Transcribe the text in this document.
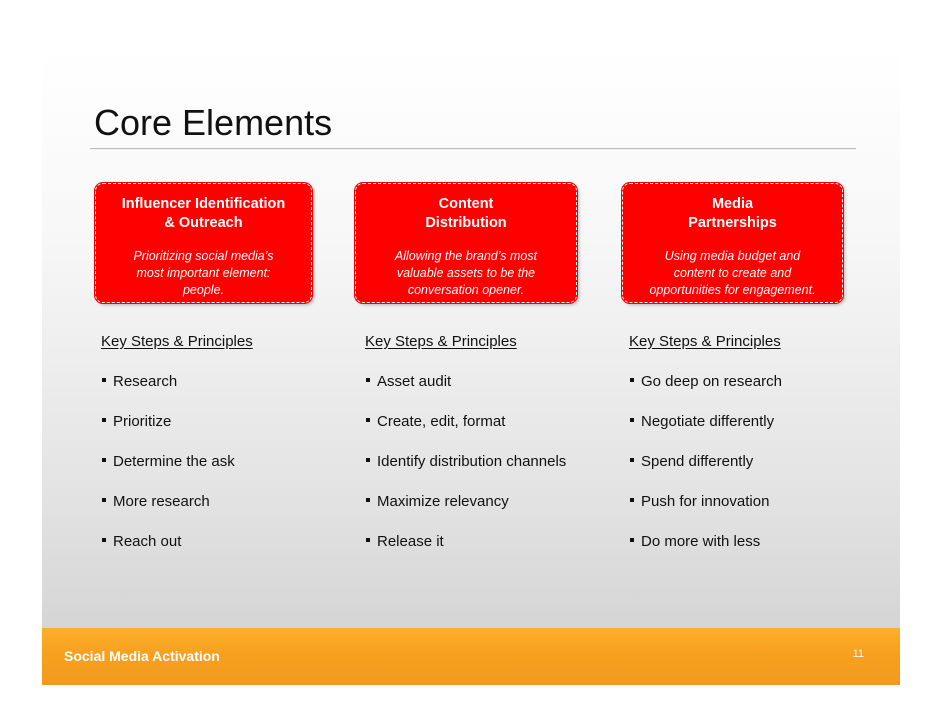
Core Elements
Influencer Identification
& Outreach
Prioritizing social media’s
most important element:
people.
Content
Distribution
Allowing the brand’s most
valuable assets to be the
conversation opener.
Media
Partnerships
Using media budget and
content to create and
opportunities for engagement.
Key Steps & Principles
Research
Prioritize
Determine the ask
More research
Reach out
Key Steps & Principles
Asset audit
Create, edit, format
Identify distribution channels
Maximize relevancy
Release it
Key Steps & Principles
Go deep on research
Negotiate differently
Spend differently
Push for innovation
Do more with less
Social Media Activation	11
